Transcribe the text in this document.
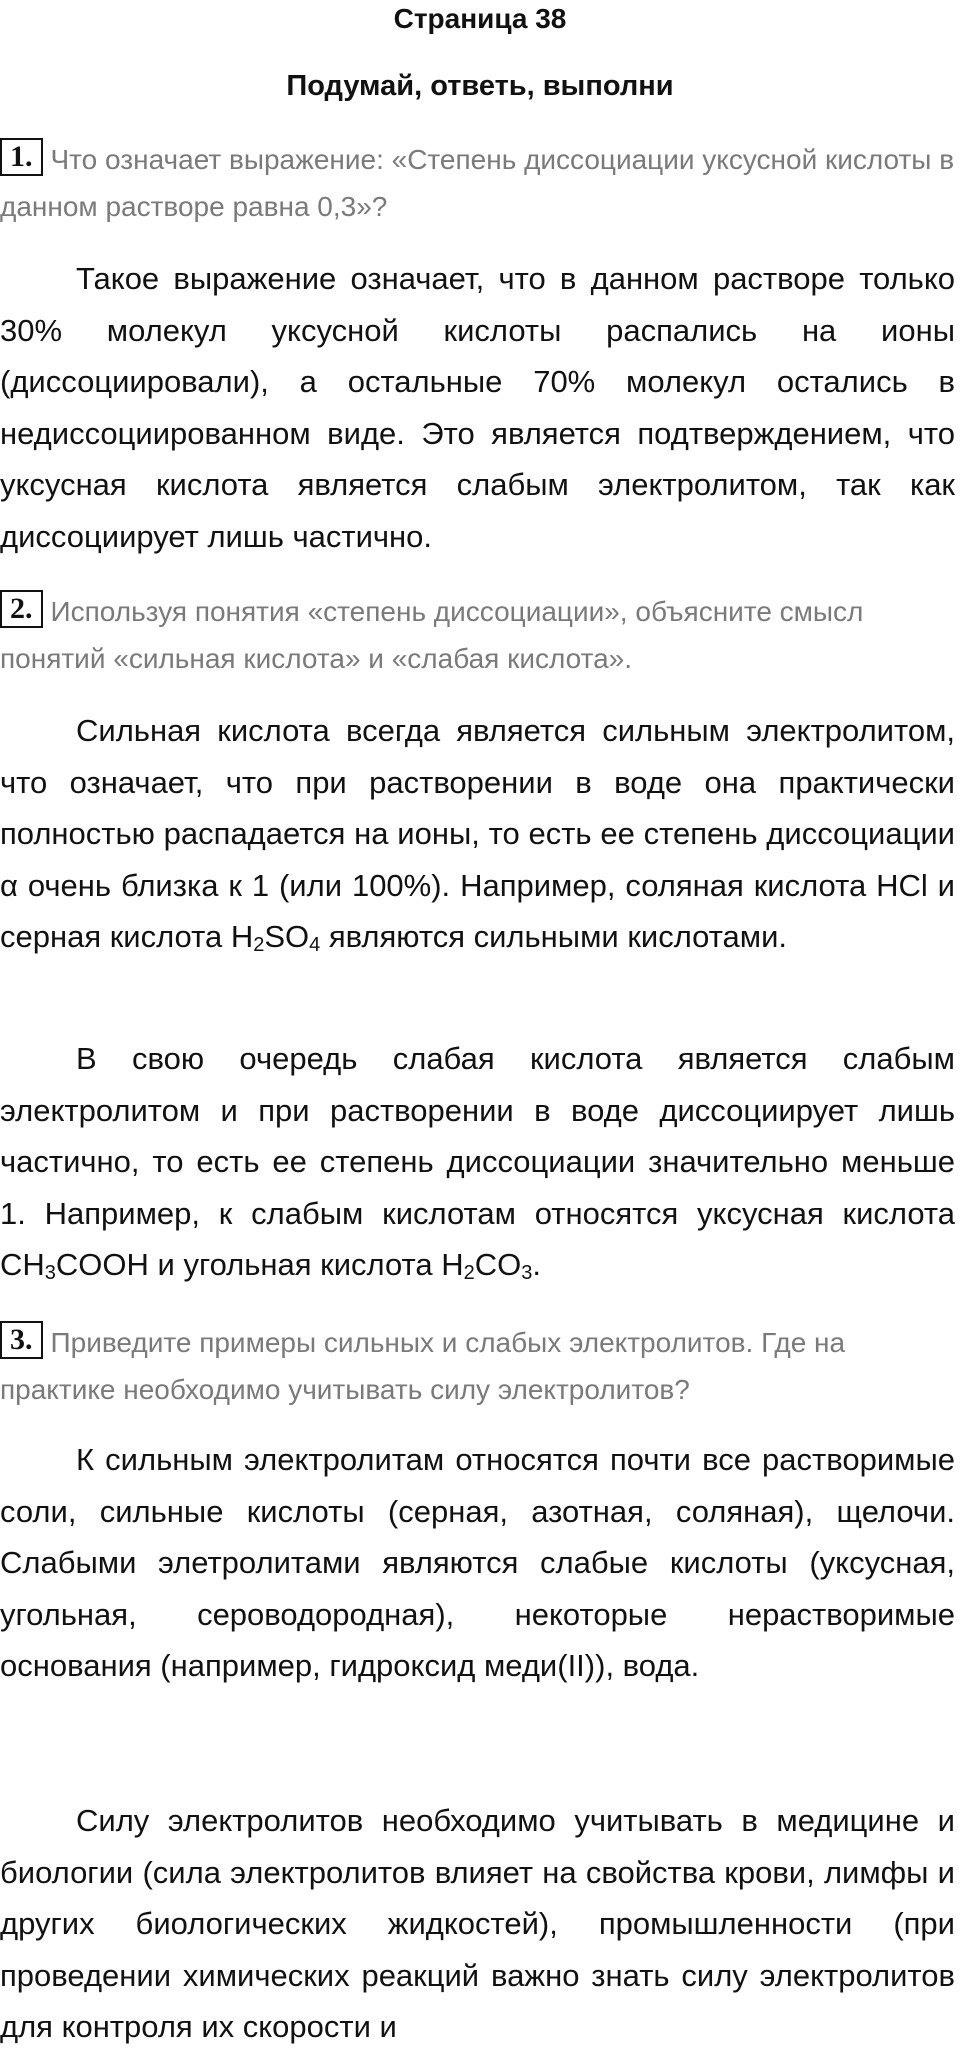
Страница 38
Подумай, ответь, выполни
1. Что означает выражение: «Степень диссоциации уксусной кислоты в данном растворе равна 0,3»?
Такое выражение означает, что в данном растворе только 30% молекул уксусной кислоты распались на ионы (диссоциировали), а остальные 70% молекул остались в недиссоциированном виде. Это является подтверждением, что уксусная кислота является слабым электролитом, так как диссоциирует лишь частично.
2. Используя понятия «степень диссоциации», объясните смысл понятий «сильная кислота» и «слабая кислота».
Сильная кислота всегда является сильным электролитом, что означает, что при растворении в воде она практически полностью распадается на ионы, то есть ее степень диссоциации α очень близка к 1 (или 100%). Например, соляная кислота HCl и серная кислота $H_2SO_4$ являются сильными кислотами.
В свою очередь слабая кислота является слабым электролитом и при растворении в воде диссоциирует лишь частично, то есть ее степень диссоциации значительно меньше 1. Например, к слабым кислотам относятся уксусная кислота $CH_3COOH$ и угольная кислота $H_2CO_3$.
3. Приведите примеры сильных и слабых электролитов. Где на практике необходимо учитывать силу электролитов?
К сильным электролитам относятся почти все растворимые соли, сильные кислоты (серная, азотная, соляная), щелочи. Слабыми элетролитами являются слабые кислоты (уксусная, угольная, сероводородная), некоторые нерастворимые основания (например, гидроксид меди(II)), вода.
Силу электролитов необходимо учитывать в медицине и биологии (сила электролитов влияет на свойства крови, лимфы и других биологических жидкостей), промышленности (при проведении химических реакций важно знать силу электролитов для контроля их скорости и
